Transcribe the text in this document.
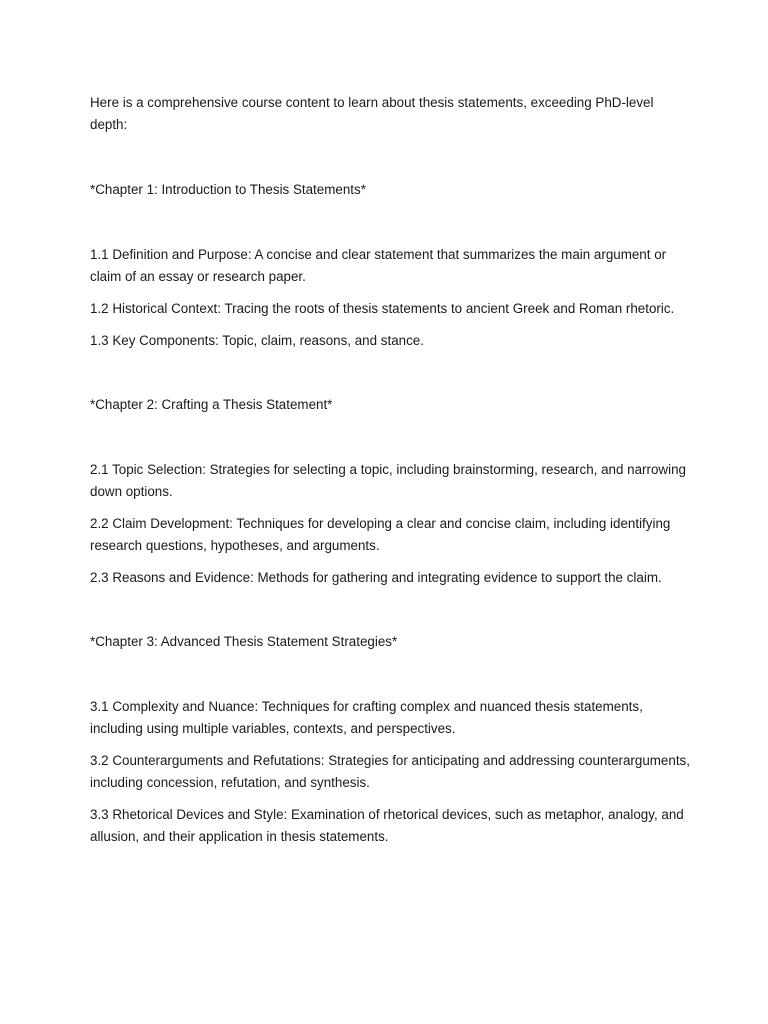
Here is a comprehensive course content to learn about thesis statements, exceeding PhD-level depth:

*Chapter 1: Introduction to Thesis Statements*

1.1 Definition and Purpose: A concise and clear statement that summarizes the main argument or claim of an essay or research paper.

1.2 Historical Context: Tracing the roots of thesis statements to ancient Greek and Roman rhetoric.

1.3 Key Components: Topic, claim, reasons, and stance.

*Chapter 2: Crafting a Thesis Statement*

2.1 Topic Selection: Strategies for selecting a topic, including brainstorming, research, and narrowing down options.

2.2 Claim Development: Techniques for developing a clear and concise claim, including identifying research questions, hypotheses, and arguments.

2.3 Reasons and Evidence: Methods for gathering and integrating evidence to support the claim.

*Chapter 3: Advanced Thesis Statement Strategies*

3.1 Complexity and Nuance: Techniques for crafting complex and nuanced thesis statements, including using multiple variables, contexts, and perspectives.

3.2 Counterarguments and Refutations: Strategies for anticipating and addressing counterarguments, including concession, refutation, and synthesis.

3.3 Rhetorical Devices and Style: Examination of rhetorical devices, such as metaphor, analogy, and allusion, and their application in thesis statements.
